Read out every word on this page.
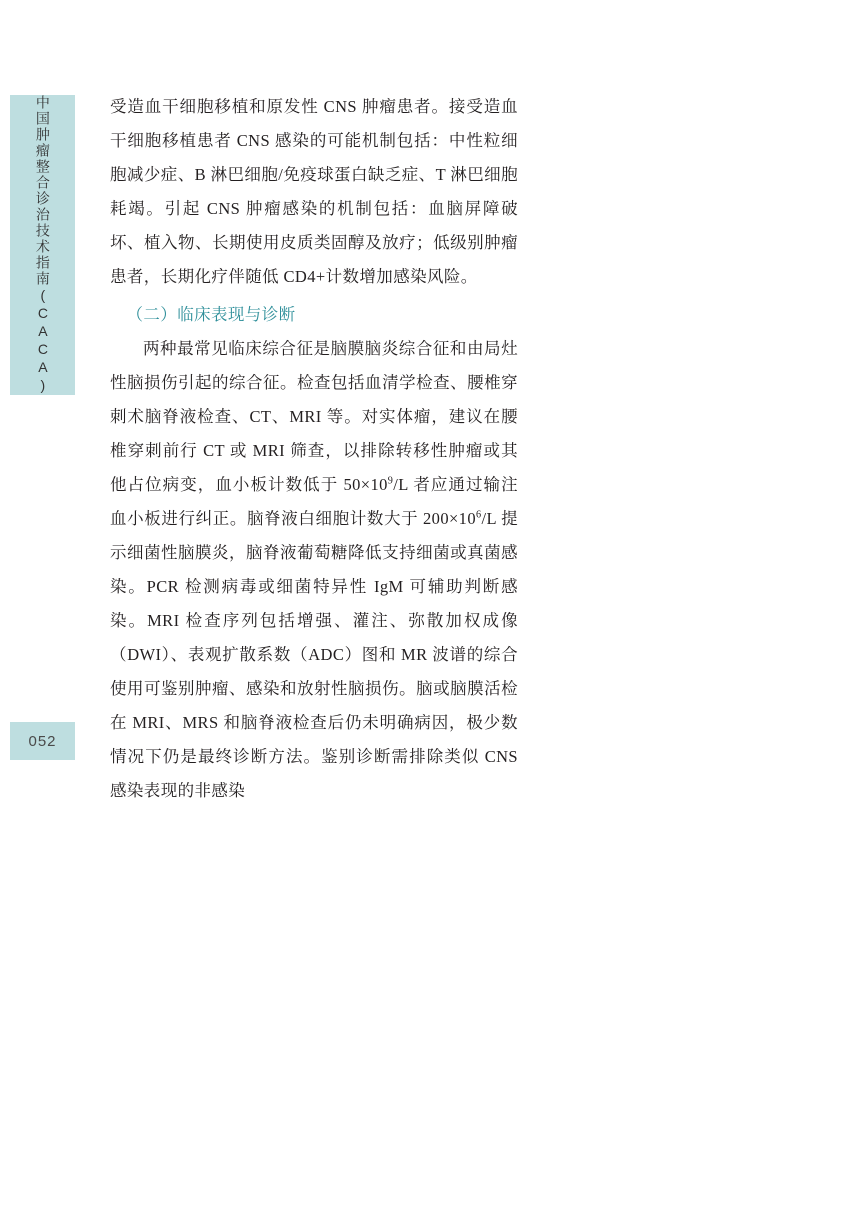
中国肿瘤整合诊治技术指南(CACA)
052

受造血干细胞移植和原发性 CNS 肿瘤患者。接受造血干细胞移植患者 CNS 感染的可能机制包括：中性粒细胞减少症、B 淋巴细胞/免疫球蛋白缺乏症、T 淋巴细胞耗竭。引起 CNS 肿瘤感染的机制包括：血脑屏障破坏、植入物、长期使用皮质类固醇及放疗；低级别肿瘤患者，长期化疗伴随低 CD4+计数增加感染风险。

（二）临床表现与诊断

两种最常见临床综合征是脑膜脑炎综合征和由局灶性脑损伤引起的综合征。检查包括血清学检查、腰椎穿刺术脑脊液检查、CT、MRI 等。对实体瘤，建议在腰椎穿刺前行 CT 或 MRI 筛查，以排除转移性肿瘤或其他占位病变，血小板计数低于 $50\times 10^9/L$ 者应通过输注血小板进行纠正。脑脊液白细胞计数大于 $200\times 10^6/L$ 提示细菌性脑膜炎，脑脊液葡萄糖降低支持细菌或真菌感染。PCR 检测病毒或细菌特异性 IgM 可辅助判断感染。MRI 检查序列包括增强、灌注、弥散加权成像（DWI）、表观扩散系数（ADC）图和 MR 波谱的综合使用可鉴别肿瘤、感染和放射性脑损伤。脑或脑膜活检在 MRI、MRS 和脑脊液检查后仍未明确病因，极少数情况下仍是最终诊断方法。鉴别诊断需排除类似 CNS 感染表现的非感染
